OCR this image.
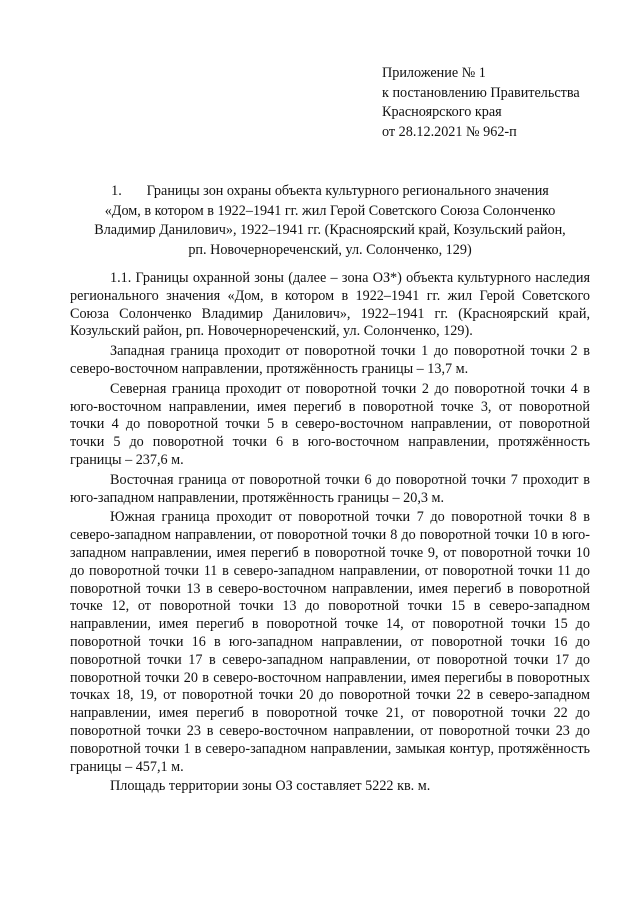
Приложение № 1
к постановлению Правительства
Красноярского края
от 28.12.2021 № 962-п
1.       Границы зон охраны объекта культурного регионального значения
«Дом, в котором в 1922–1941 гг. жил Герой Советского Союза Солонченко
Владимир Данилович», 1922–1941 гг. (Красноярский край, Козульский район,
рп. Новочернореченский, ул. Солонченко, 129)

1.1. Границы охранной зоны (далее – зона ОЗ*) объекта культурного наследия регионального значения «Дом, в котором в 1922–1941 гг. жил Герой Советского Союза Солонченко Владимир Данилович», 1922–1941 гг. (Красноярский край, Козульский район, рп. Новочернореченский, ул. Солонченко, 129).

Западная граница проходит от поворотной точки 1 до поворотной точки 2 в северо-восточном направлении, протяжённость границы – 13,7 м.

Северная граница проходит от поворотной точки 2 до поворотной точки 4 в юго-восточном направлении, имея перегиб в поворотной точке 3, от поворотной точки 4 до поворотной точки 5 в северо-восточном направлении, от поворотной точки 5 до поворотной точки 6 в юго-восточном направлении, протяжённость границы – 237,6 м.

Восточная граница от поворотной точки 6 до поворотной точки 7 проходит в юго-западном направлении, протяжённость границы – 20,3 м.

Южная граница проходит от поворотной точки 7 до поворотной точки 8 в северо-западном направлении, от поворотной точки 8 до поворотной точки 10 в юго-западном направлении, имея перегиб в поворотной точке 9, от поворотной точки 10 до поворотной точки 11 в северо-западном направлении, от поворотной точки 11 до поворотной точки 13 в северо-восточном направлении, имея перегиб в поворотной точке 12, от поворотной точки 13 до поворотной точки 15 в северо-западном направлении, имея перегиб в поворотной точке 14, от поворотной точки 15 до поворотной точки 16 в юго-западном направлении, от поворотной точки 16 до поворотной точки 17 в северо-западном направлении, от поворотной точки 17 до поворотной точки 20 в северо-восточном направлении, имея перегибы в поворотных точках 18, 19, от поворотной точки 20 до поворотной точки 22 в северо-западном направлении, имея перегиб в поворотной точке 21, от поворотной точки 22 до поворотной точки 23 в северо-восточном направлении, от поворотной точки 23 до поворотной точки 1 в северо-западном направлении, замыкая контур, протяжённость границы – 457,1 м.

Площадь территории зоны ОЗ составляет 5222 кв. м.
